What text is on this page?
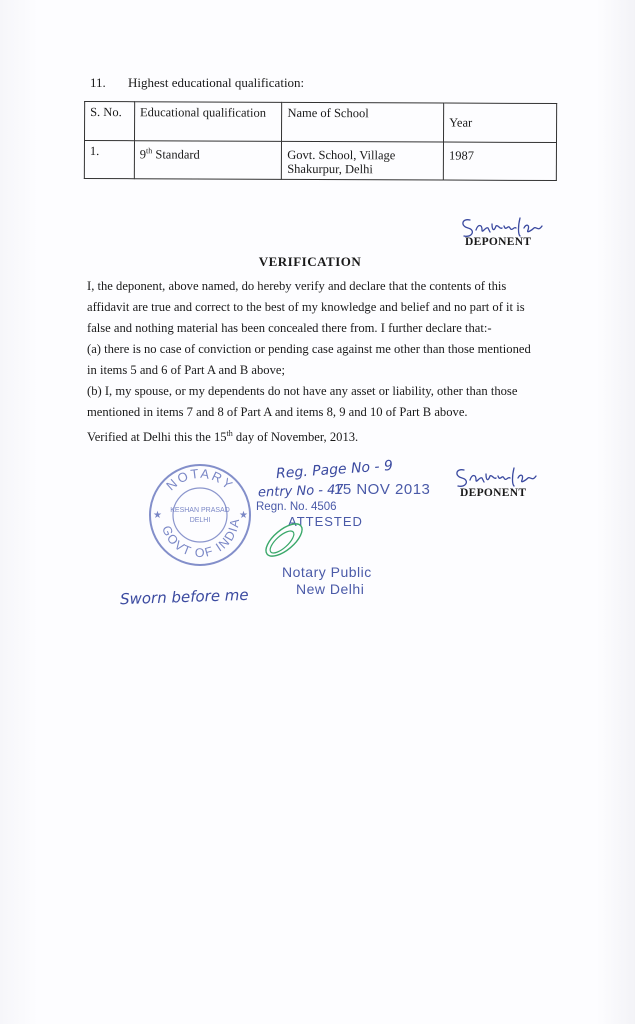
11. Highest educational qualification:
S. No.	Educational qualification	Name of School	Year

1.	9th Standard	Govt. School, Village
Shakurpur, Delhi	1987
DEPONENT
VERIFICATION
I, the deponent, above named, do hereby verify and declare that the contents of this
affidavit are true and correct to the best of my knowledge and belief and no part of it is
false and nothing material has been concealed there from. I further declare that:-
(a) there is no case of conviction or pending case against me other than those mentioned
in items 5 and 6 of Part A and B above;
(b) I, my spouse, or my dependents do not have any asset or liability, other than those
mentioned in items 7 and 8 of Part A and items 8, 9 and 10 of Part B above.
Verified at Delhi this the 15th day of November, 2013.
NOTARY
GOVT OF INDIA
KESHAN PRASAD
DELHI
★	★
Reg. Page No - 9
entry No - 47
15 NOV 2013
Regn. No. 4506
ATTESTED
Notary Public
New Delhi
DEPONENT
Sworn before me
